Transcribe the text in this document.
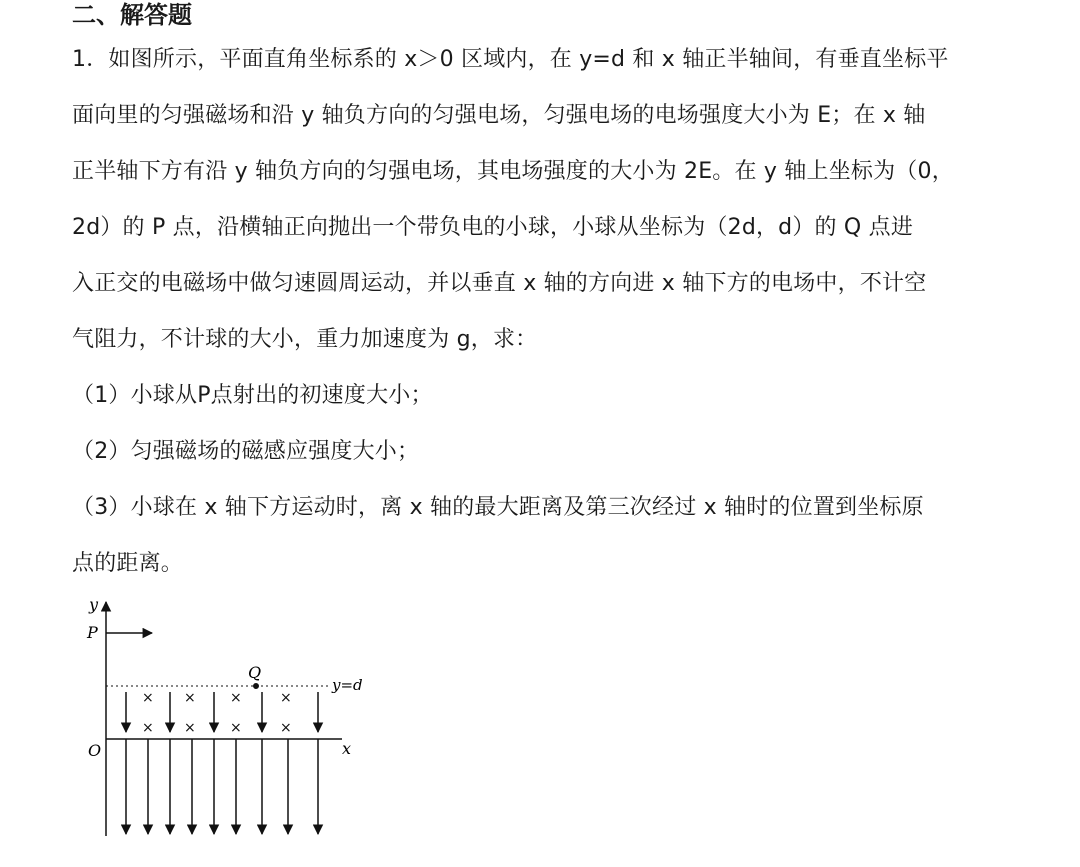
二、解答题
1．如图所示，平面直角坐标系的 x＞0 区域内，在 y=d 和 x 轴正半轴间，有垂直坐标平
面向里的匀强磁场和沿 y 轴负方向的匀强电场，匀强电场的电场强度大小为 E；在 x 轴
正半轴下方有沿 y 轴负方向的匀强电场，其电场强度的大小为 2E。在 y 轴上坐标为（0，
2d）的 P 点，沿横轴正向抛出一个带负电的小球，小球从坐标为（2d，d）的 Q 点进
入正交的电磁场中做匀速圆周运动，并以垂直 x 轴的方向进 x 轴下方的电场中，不计空
气阻力，不计球的大小，重力加速度为 g，求：
（1）小球从P点射出的初速度大小；
（2）匀强磁场的磁感应强度大小；
（3）小球在 x 轴下方运动时，离 x 轴的最大距离及第三次经过 x 轴时的位置到坐标原
点的距离。
y
x
O
P
y=d
Q
× × ×	×
× × ×	×
